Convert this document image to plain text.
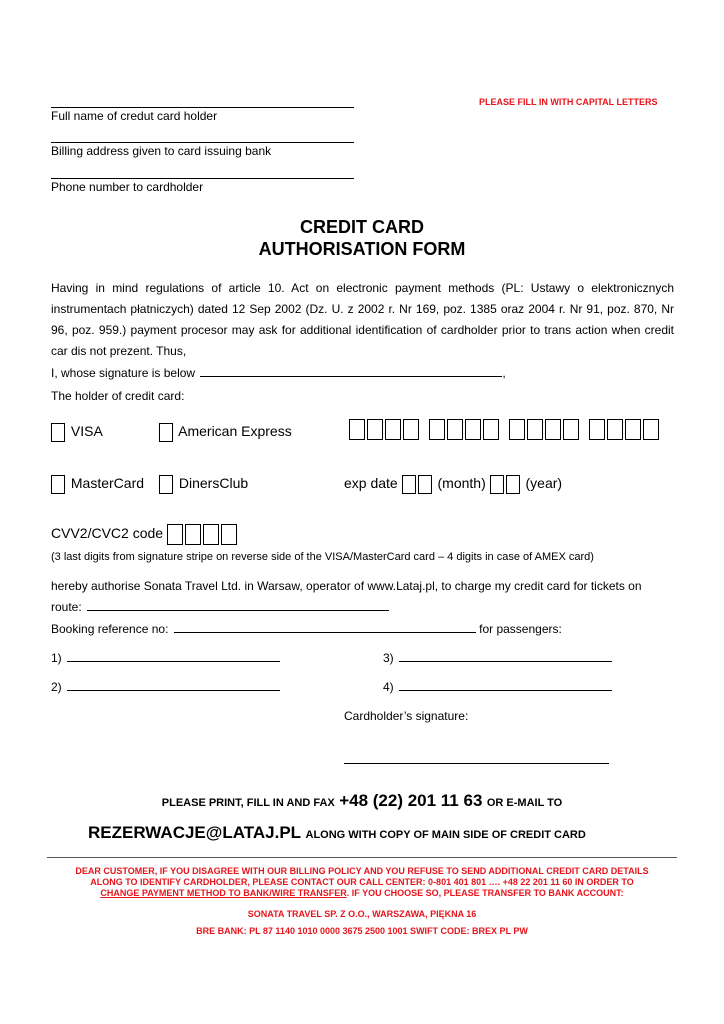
PLEASE FILL IN WITH CAPITAL LETTERS
Full name of credut card holder
Billing address given to card issuing bank
Phone number to cardholder
CREDIT CARD
AUTHORISATION FORM
Having in mind regulations of article 10. Act on electronic payment methods (PL: Ustawy o elektronicznych instrumentach płatniczych) dated 12 Sep 2002 (Dz. U. z 2002 r. Nr 169, poz. 1385 oraz 2004 r. Nr 91, poz. 870, Nr 96, poz. 959.) payment procesor may ask for additional identification of cardholder prior to trans action when credit car dis not prezent. Thus,
I, whose signature is below	,
The holder of credit card:
VISA	American Express
MasterCard	DinersClub	exp date	(month)	(year)
CVV2/CVC2 code
(3 last digits from signature stripe on reverse side of the VISA/MasterCard card – 4 digits in case of AMEX card)
hereby authorise Sonata Travel Ltd. in Warsaw, operator of www.Lataj.pl, to charge my credit card for tickets on
route:
Booking reference no:	for passengers:
1)	3)
2)	4)
Cardholder’s signature:
PLEASE PRINT, FILL IN AND FAX +48 (22) 201 11 63 OR E-MAIL TO
REZERWACJE@LATAJ.PL ALONG WITH COPY OF MAIN SIDE OF CREDIT CARD
DEAR CUSTOMER, IF YOU DISAGREE WITH OUR BILLING POLICY AND YOU REFUSE TO SEND ADDITIONAL CREDIT CARD DETAILS
ALONG TO IDENTIFY CARDHOLDER, PLEASE CONTACT OUR CALL CENTER: 0-801 401 801 …. +48 22 201 11 60 IN ORDER TO
CHANGE PAYMENT METHOD TO BANK/WIRE TRANSFER. IF YOU CHOOSE SO, PLEASE TRANSFER TO BANK ACCOUNT:
SONATA TRAVEL SP. Z O.O., WARSZAWA, PIĘKNA 16
BRE BANK: PL 87 1140 1010 0000 3675 2500 1001 SWIFT CODE: BREX PL PW
